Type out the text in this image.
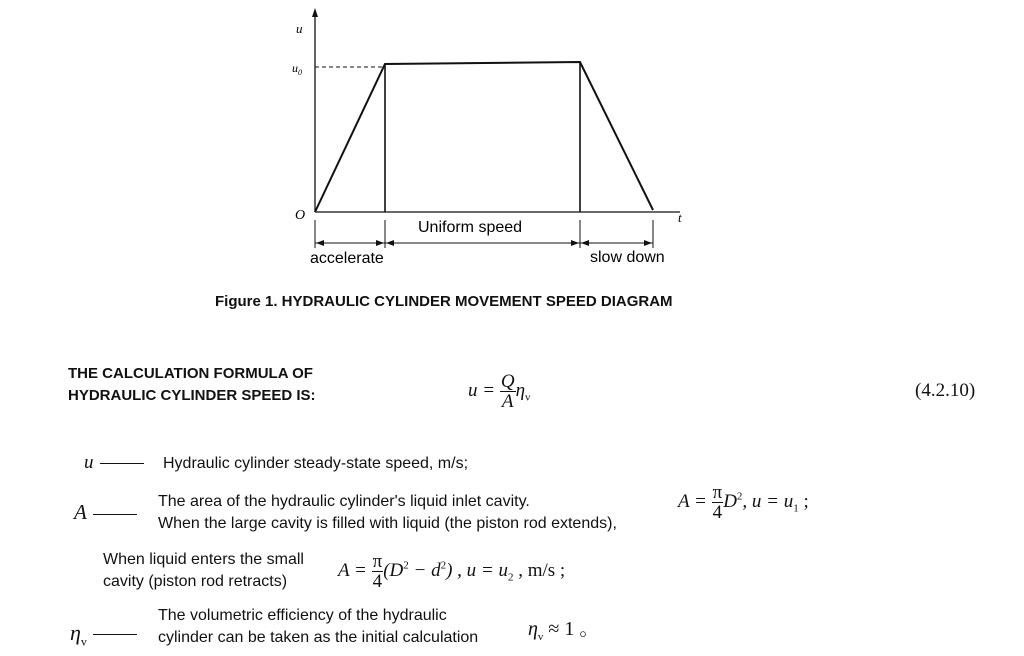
u
$u_0$
O	t
Uniform speed
accelerate	slow down
Figure 1. HYDRAULIC CYLINDER MOVEMENT SPEED DIAGRAM
THE CALCULATION FORMULA OF
HYDRAULIC CYLINDER SPEED IS:	$u = \frac{Q}{A} \eta_v$	(4.2.10)
u	Hydraulic cylinder steady-state speed, m/s;
A	The area of the hydraulic cylinder's liquid inlet cavity.
When the large cavity is filled with liquid (the piston rod extends),
$A = \frac{\pi}{4} D^2$, $u = u_1$ ;
When liquid enters the small
cavity (piston rod retracts)
$A = \frac{\pi}{4} (D^2 - d^2)$ , $u = u_2$ , m/s ;
$\eta_v$
The volumetric efficiency of the hydraulic
cylinder can be taken as the initial calculation $\eta_v \approx 1$ 。
